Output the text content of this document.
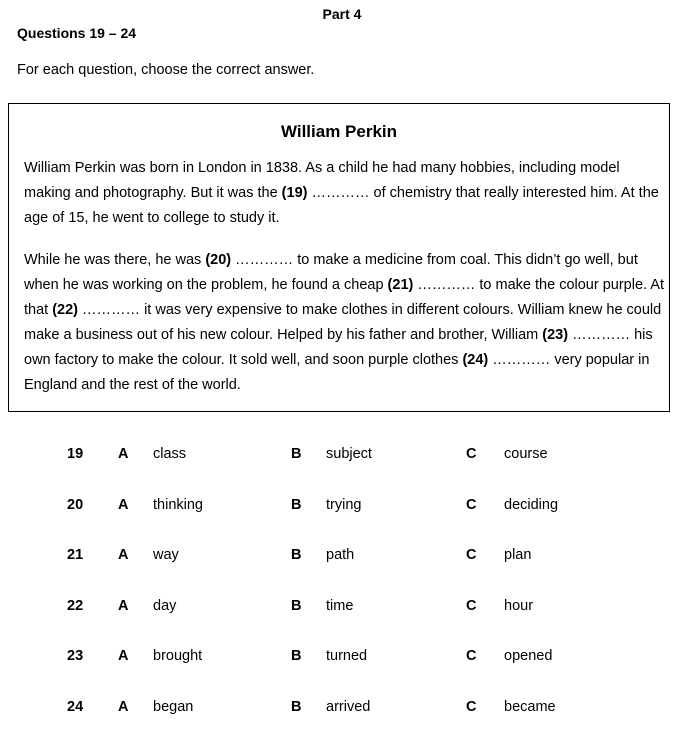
Part 4
Questions 19 – 24
For each question, choose the correct answer.
William Perkin
William Perkin was born in London in 1838. As a child he had many hobbies, including model making and photography. But it was the (19) ………… of chemistry that really interested him. At the age of 15, he went to college to study it.
While he was there, he was (20) ………… to make a medicine from coal. This didn’t go well, but when he was working on the problem, he found a cheap (21) ………… to make the colour purple. At that (22) ………… it was very expensive to make clothes in different colours. William knew he could make a business out of his new colour. Helped by his father and brother, William (23) ………… his own factory to make the colour. It sold well, and soon purple clothes (24) ………… very popular in England and the rest of the world.
19 A class	B subject	C course
20 A thinking	B trying	C deciding
21 A way	B path	C plan
22 A day	B time	C hour
23 A brought	B turned	C opened
24 A began	B arrived	C became
